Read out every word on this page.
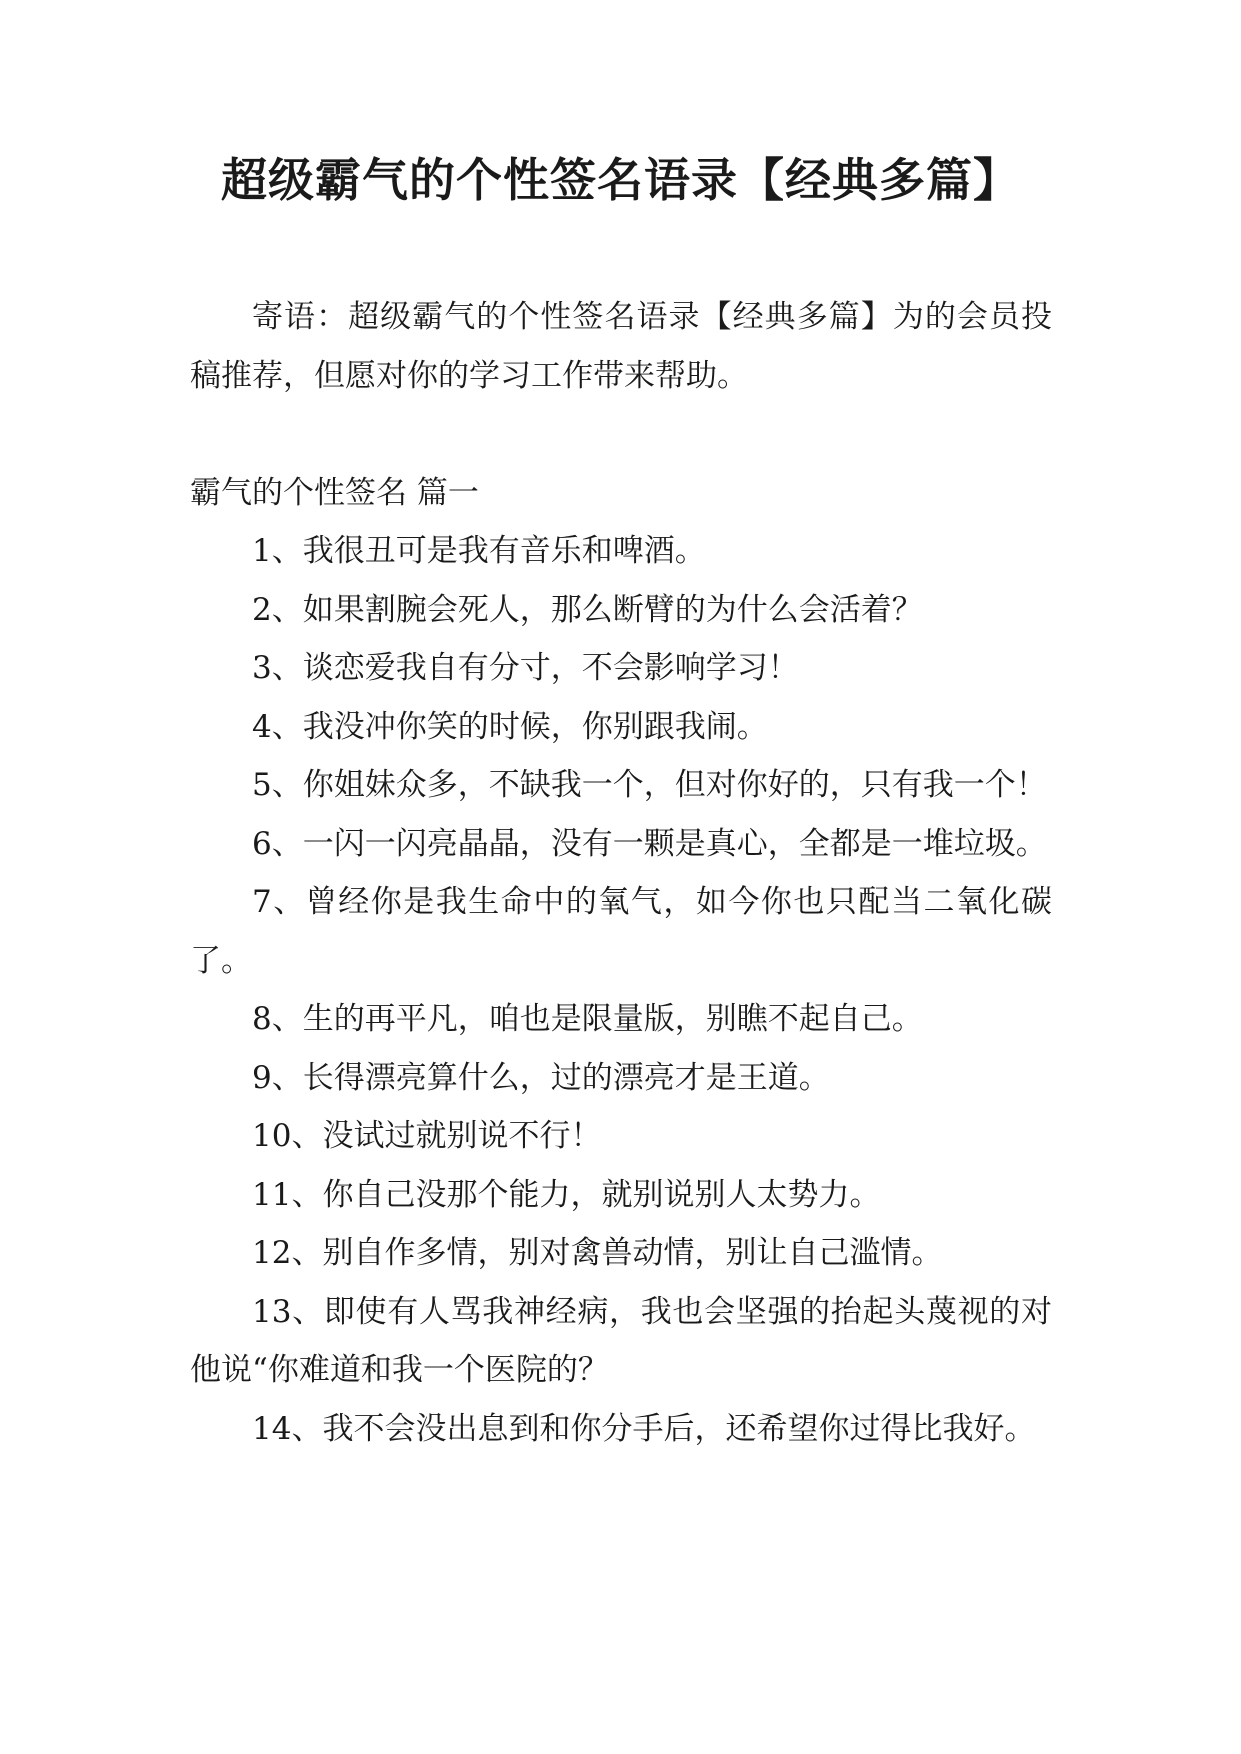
超级霸气的个性签名语录【经典多篇】

寄语：超级霸气的个性签名语录【经典多篇】为的会员投稿推荐，但愿对你的学习工作带来帮助。

霸气的个性签名 篇一

1、我很丑可是我有音乐和啤酒。

2、如果割腕会死人，那么断臂的为什么会活着？

3、谈恋爱我自有分寸，不会影响学习！

4、我没冲你笑的时候，你别跟我闹。

5、你姐妹众多，不缺我一个，但对你好的，只有我一个！

6、一闪一闪亮晶晶，没有一颗是真心，全都是一堆垃圾。

7、曾经你是我生命中的氧气，如今你也只配当二氧化碳了。

8、生的再平凡，咱也是限量版，别瞧不起自己。

9、长得漂亮算什么，过的漂亮才是王道。

10、没试过就别说不行！

11、你自己没那个能力，就别说别人太势力。

12、别自作多情，别对禽兽动情，别让自己滥情。

13、即使有人骂我神经病，我也会坚强的抬起头蔑视的对他说“你难道和我一个医院的？

14、我不会没出息到和你分手后，还希望你过得比我好。
